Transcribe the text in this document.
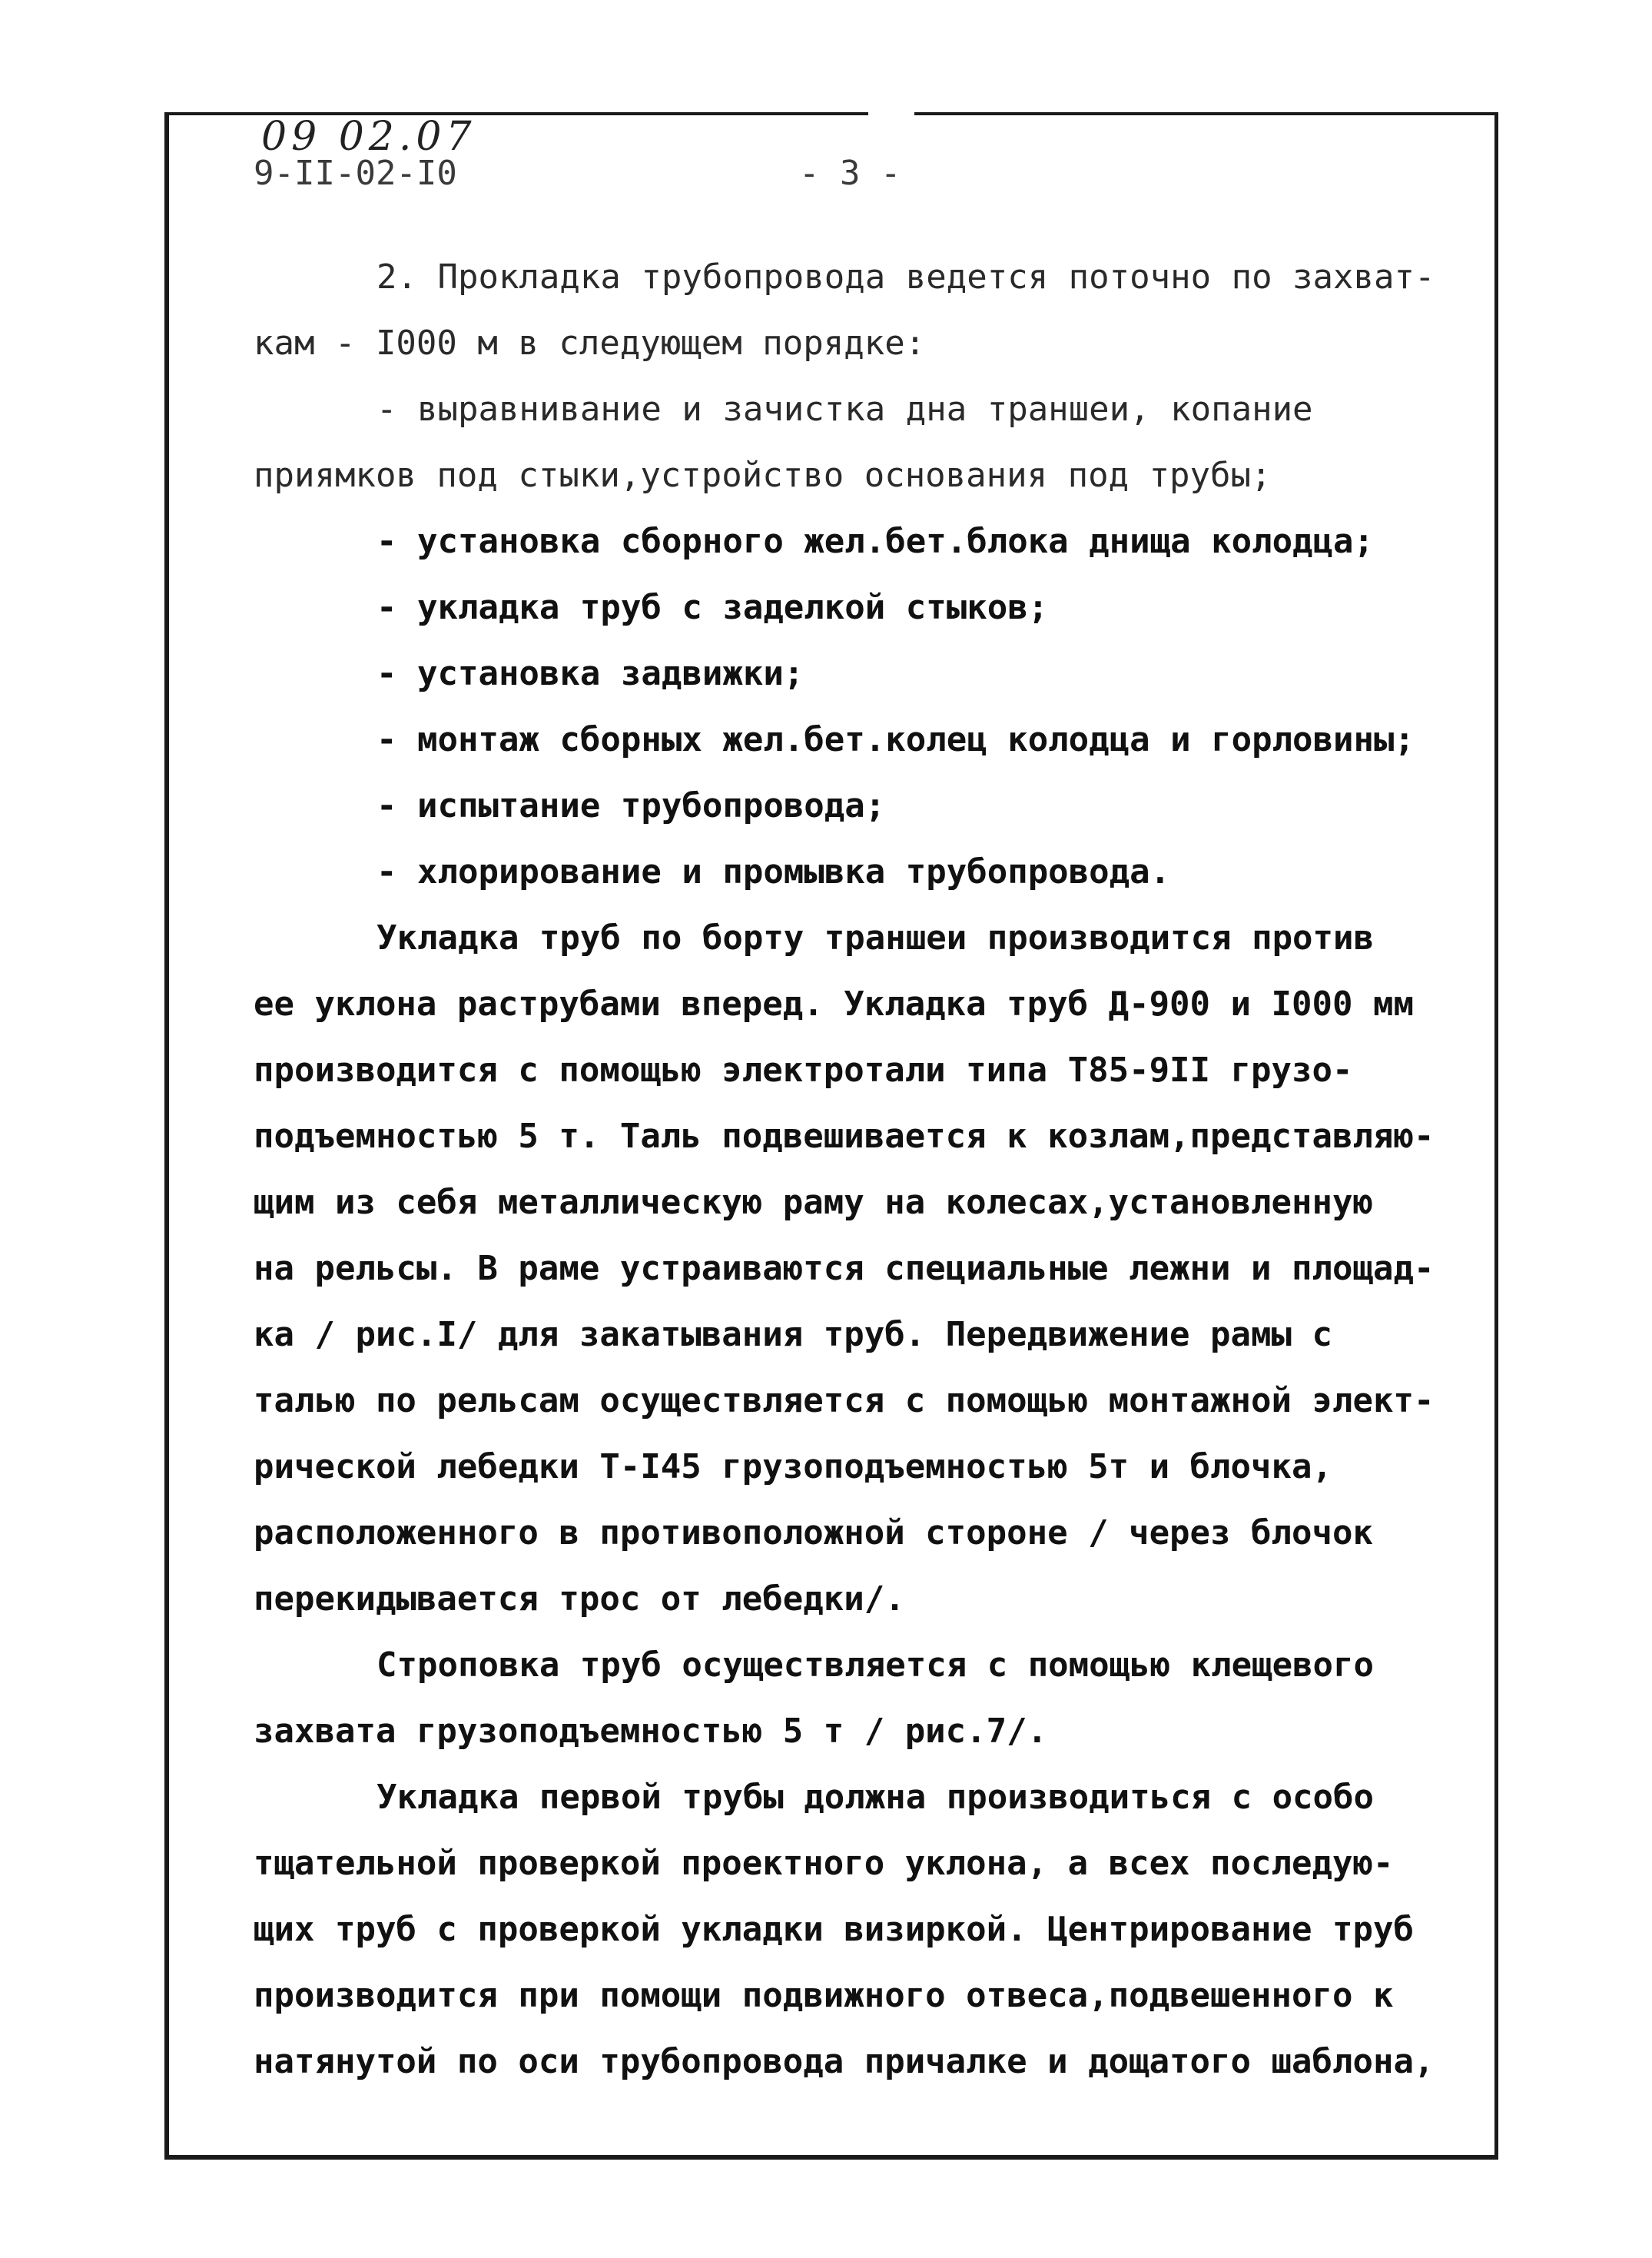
09 02.07
9-II-02-I0	- 3 -
2. Прокладка трубопровода ведется поточно по захват-
кам - I000 м в следующем порядке:
- выравнивание и зачистка дна траншеи, копание
приямков под стыки,устройство основания под трубы;
- установка сборного жел.бет.блока днища колодца;
- укладка труб с заделкой стыков;
- установка задвижки;
- монтаж сборных жел.бет.колец колодца и горловины;
- испытание трубопровода;
- хлорирование и промывка трубопровода.
Укладка труб по борту траншеи производится против
ее уклона раструбами вперед. Укладка труб Д-900 и I000 мм
производится с помощью электротали типа Т85-9II грузо-
подъемностью 5 т. Таль подвешивается к козлам,представляю-
щим из себя металлическую раму на колесах,установленную
на рельсы. В раме устраиваются специальные лежни и площад-
ка / рис.I/ для закатывания труб. Передвижение рамы с
талью по рельсам осуществляется с помощью монтажной элект-
рической лебедки Т-I45 грузоподъемностью 5т и блочка,
расположенного в противоположной стороне / через блочок
перекидывается трос от лебедки/.
Строповка труб осуществляется с помощью клещевого
захвата грузоподъемностью 5 т / рис.7/.
Укладка первой трубы должна производиться с особо
тщательной проверкой проектного уклона, а всех последую-
щих труб с проверкой укладки визиркой. Центрирование труб
производится при помощи подвижного отвеса,подвешенного к
натянутой по оси трубопровода причалке и дощатого шаблона,
